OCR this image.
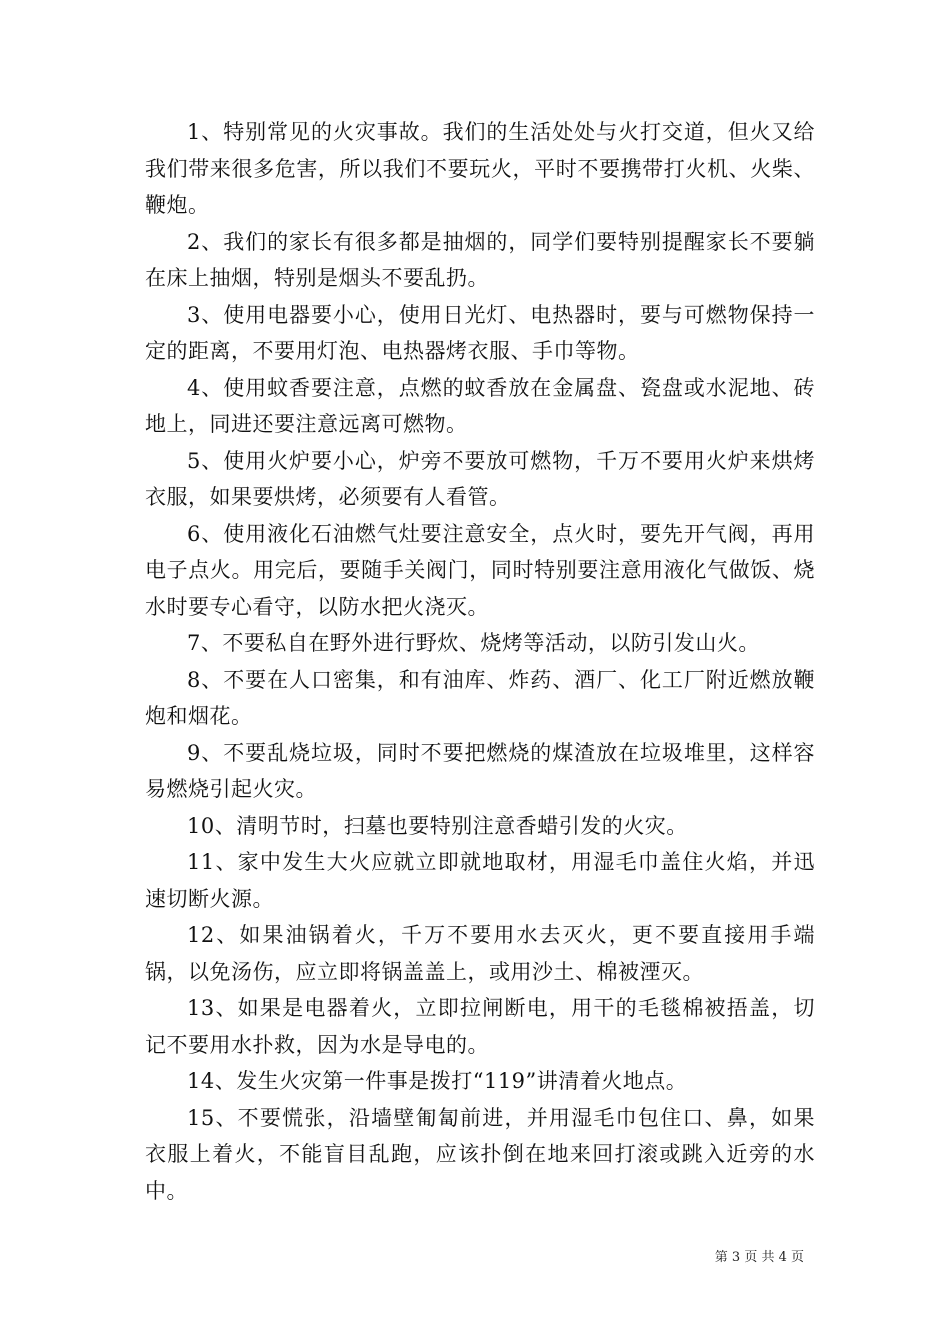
1、特别常见的火灾事故。我们的生活处处与火打交道，但火又给我们带来很多危害，所以我们不要玩火，平时不要携带打火机、火柴、鞭炮。

2、我们的家长有很多都是抽烟的，同学们要特别提醒家长不要躺在床上抽烟，特别是烟头不要乱扔。

3、使用电器要小心，使用日光灯、电热器时，要与可燃物保持一定的距离，不要用灯泡、电热器烤衣服、手巾等物。

4、使用蚊香要注意，点燃的蚊香放在金属盘、瓷盘或水泥地、砖地上，同进还要注意远离可燃物。

5、使用火炉要小心，炉旁不要放可燃物，千万不要用火炉来烘烤衣服，如果要烘烤，必须要有人看管。

6、使用液化石油燃气灶要注意安全，点火时，要先开气阀，再用电子点火。用完后，要随手关阀门，同时特别要注意用液化气做饭、烧水时要专心看守，以防水把火浇灭。

7、不要私自在野外进行野炊、烧烤等活动，以防引发山火。

8、不要在人口密集，和有油库、炸药、酒厂、化工厂附近燃放鞭炮和烟花。

9、不要乱烧垃圾，同时不要把燃烧的煤渣放在垃圾堆里，这样容易燃烧引起火灾。

10、清明节时，扫墓也要特别注意香蜡引发的火灾。

11、家中发生大火应就立即就地取材，用湿毛巾盖住火焰，并迅速切断火源。

12、如果油锅着火，千万不要用水去灭火，更不要直接用手端锅，以免汤伤，应立即将锅盖盖上，或用沙土、棉被湮灭。

13、如果是电器着火，立即拉闸断电，用干的毛毯棉被捂盖，切记不要用水扑救，因为水是导电的。

14、发生火灾第一件事是拨打“119”讲清着火地点。

15、不要慌张，沿墙壁匍匐前进，并用湿毛巾包住口、鼻，如果衣服上着火，不能盲目乱跑，应该扑倒在地来回打滚或跳入近旁的水中。

第 3 页 共 4 页
